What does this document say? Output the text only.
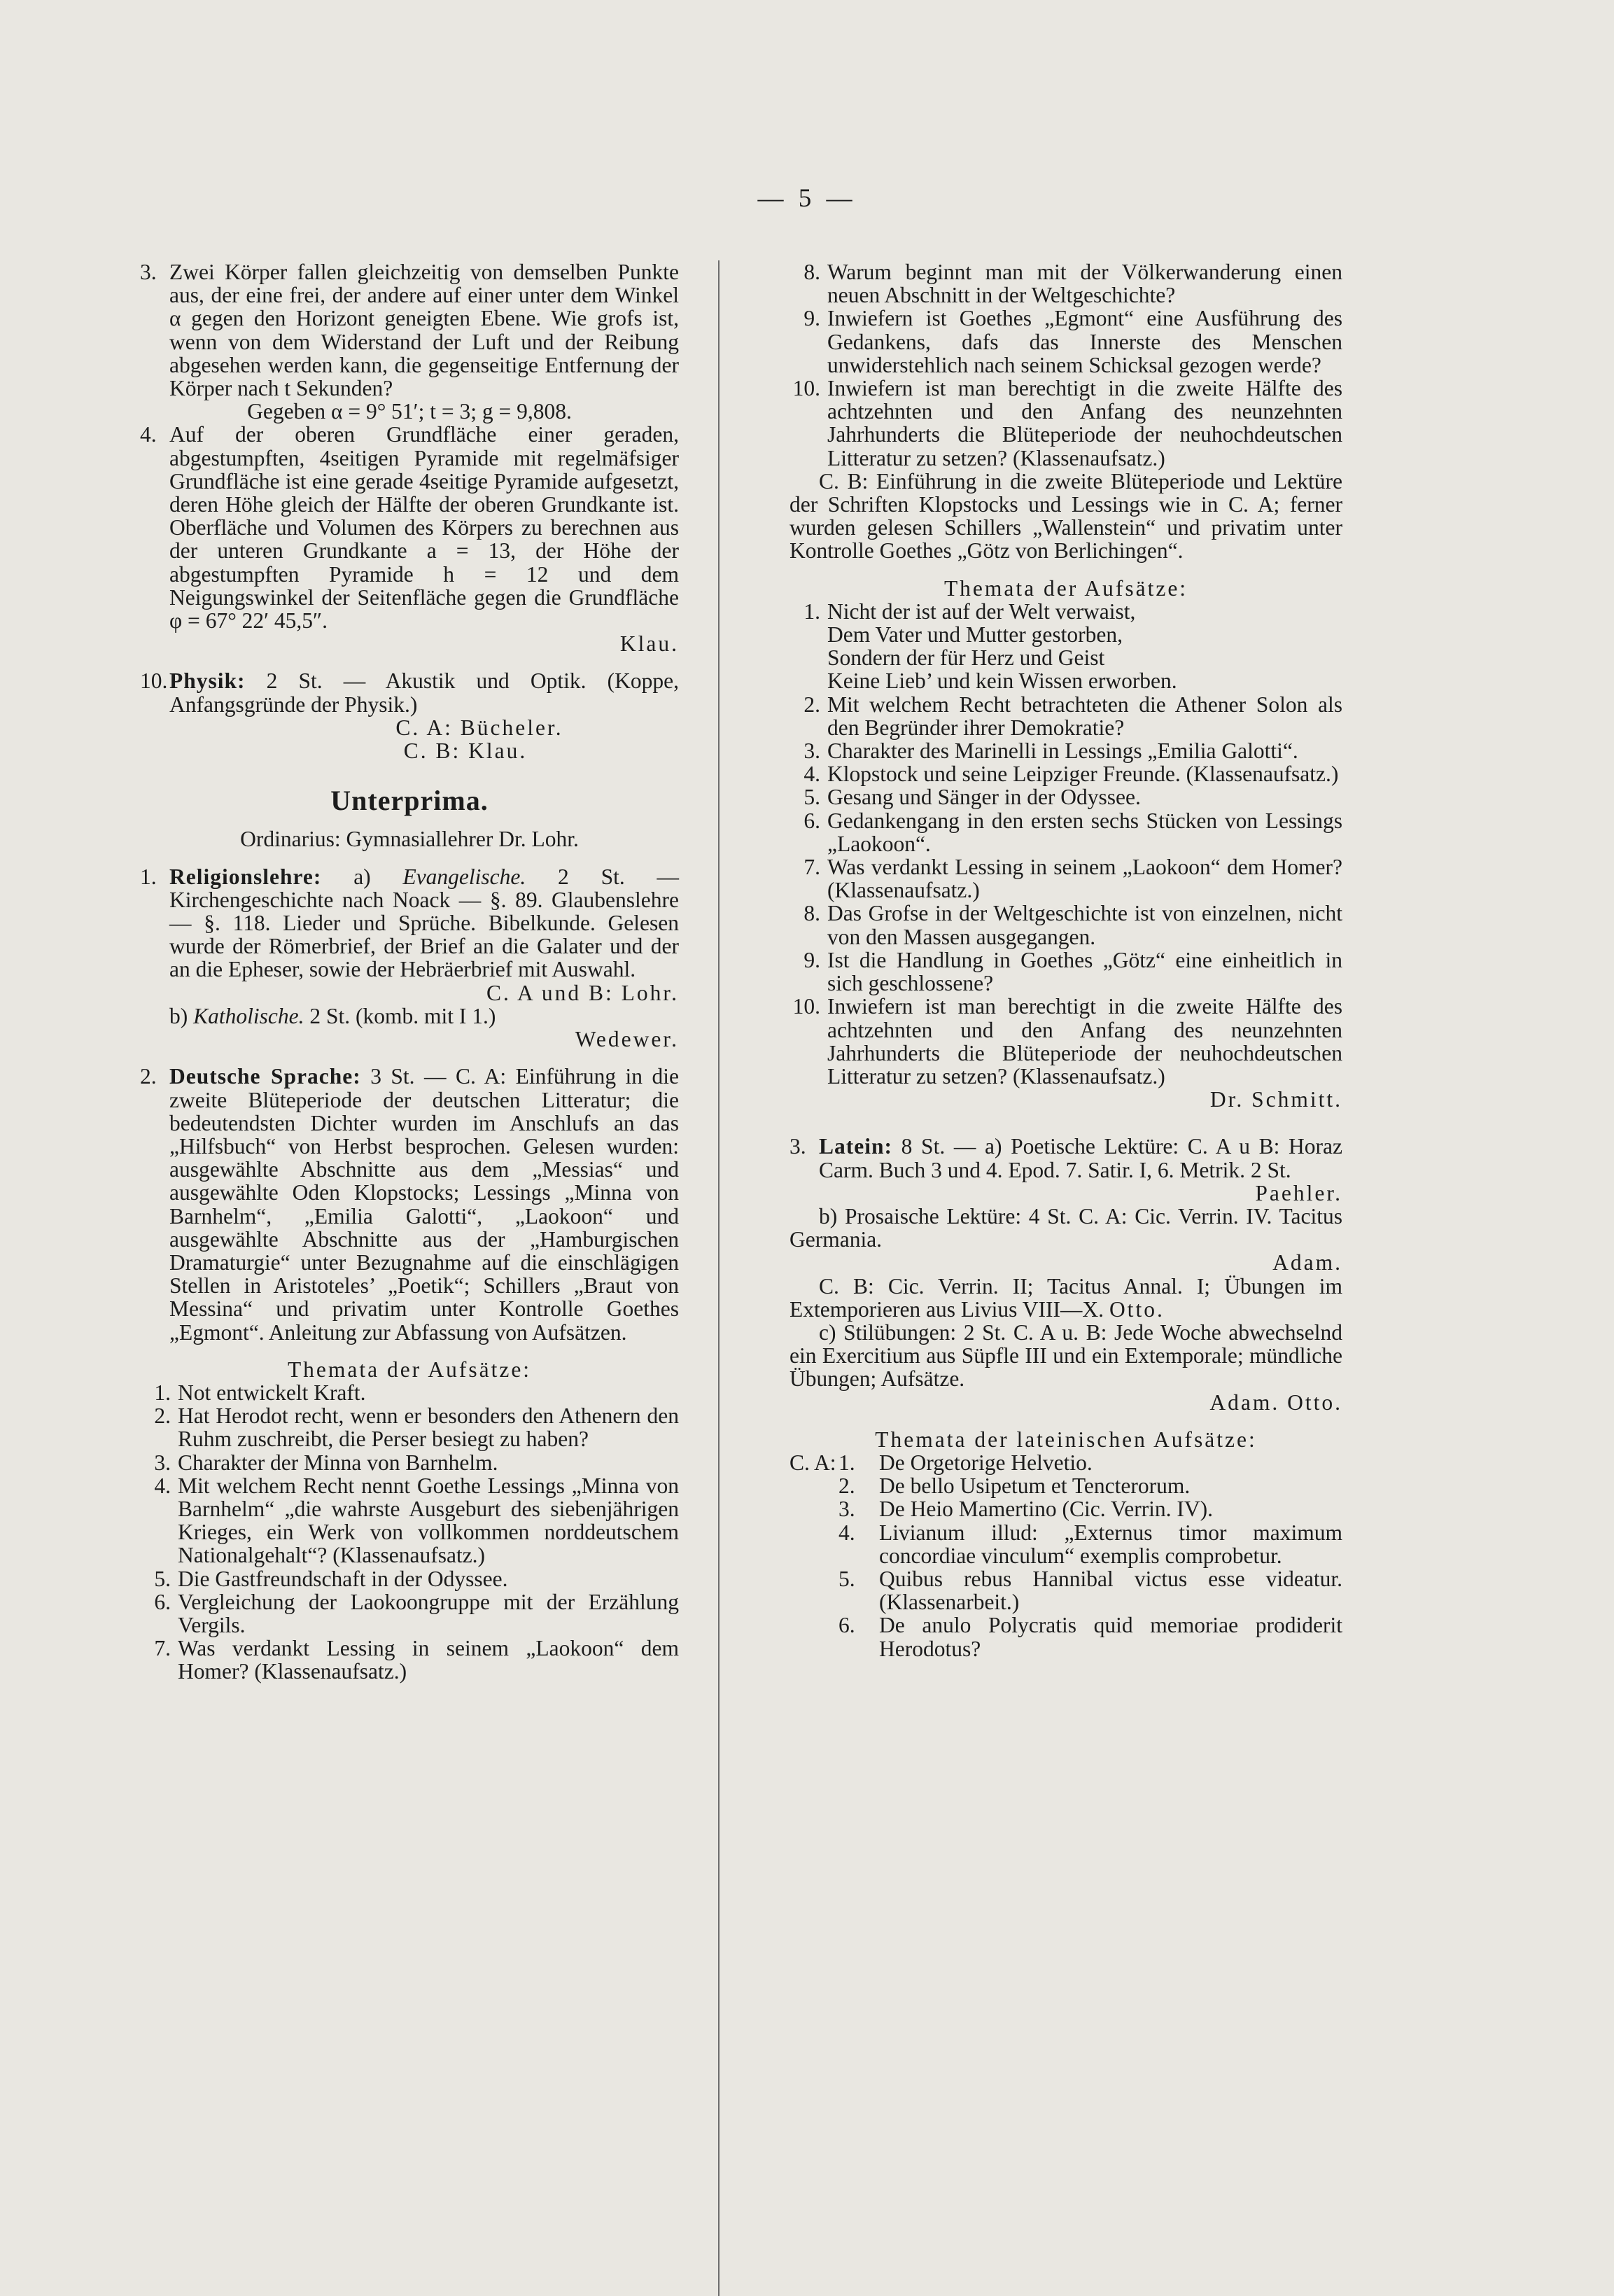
— 5 —
3. Zwei Körper fallen gleichzeitig von demselben Punkte aus, der eine frei, der andere auf einer unter dem Winkel α gegen den Horizont geneigten Ebene. Wie grofs ist, wenn von dem Widerstand der Luft und der Reibung abgesehen werden kann, die gegenseitige Entfernung der Körper nach t Sekunden?
Gegeben α = 9° 51′; t = 3; g = 9,808.
4. Auf der oberen Grundfläche einer geraden, abgestumpften, 4seitigen Pyramide mit regelmäfsiger Grundfläche ist eine gerade 4seitige Pyramide aufgesetzt, deren Höhe gleich der Hälfte der oberen Grundkante ist. Oberfläche und Volumen des Körpers zu berechnen aus der unteren Grundkante a = 13, der Höhe der abgestumpften Pyramide h = 12 und dem Neigungswinkel der Seitenfläche gegen die Grundfläche φ = 67° 22′ 45,5″.
Klau.
10.Physik: 2 St. — Akustik und Optik. (Koppe, Anfangsgründe der Physik.)
C. A: Bücheler.
C. B: Klau.
Unterprima.
Ordinarius: Gymnasiallehrer Dr. Lohr.
1. Religionslehre: a) Evangelische. 2 St. — Kirchengeschichte nach Noack — §. 89. Glaubenslehre — §. 118. Lieder und Sprüche. Bibelkunde. Gelesen wurde der Römerbrief, der Brief an die Galater und der an die Epheser, sowie der Hebräerbrief mit Auswahl.
C. A und B: Lohr.
b) Katholische. 2 St. (komb. mit I 1.)
Wedewer.
2. Deutsche Sprache: 3 St. — C. A: Einführung in die zweite Blüteperiode der deutschen Litteratur; die bedeutendsten Dichter wurden im Anschlufs an das „Hilfsbuch“ von Herbst besprochen. Gelesen wurden: ausgewählte Abschnitte aus dem „Messias“ und ausgewählte Oden Klopstocks; Lessings „Minna von Barnhelm“, „Emilia Galotti“, „Laokoon“ und ausgewählte Abschnitte aus der „Hamburgischen Dramaturgie“ unter Bezugnahme auf die einschlägigen Stellen in Aristoteles’ „Poetik“; Schillers „Braut von Messina“ und privatim unter Kontrolle Goethes „Egmont“. Anleitung zur Abfassung von Aufsätzen.
Themata der Aufsätze:
1. Not entwickelt Kraft.
2. Hat Herodot recht, wenn er besonders den Athenern den Ruhm zuschreibt, die Perser besiegt zu haben?
3. Charakter der Minna von Barnhelm.
4. Mit welchem Recht nennt Goethe Lessings „Minna von Barnhelm“ „die wahrste Ausgeburt des siebenjährigen Krieges, ein Werk von vollkommen norddeutschem Nationalgehalt“? (Klassenaufsatz.)
5. Die Gastfreundschaft in der Odyssee.
6. Vergleichung der Laokoongruppe mit der Erzählung Vergils.
7. Was verdankt Lessing in seinem „Laokoon“ dem Homer? (Klassenaufsatz.)
8. Warum beginnt man mit der Völkerwanderung einen neuen Abschnitt in der Weltgeschichte?
9. Inwiefern ist Goethes „Egmont“ eine Ausführung des Gedankens, dafs das Innerste des Menschen unwiderstehlich nach seinem Schicksal gezogen werde?
10. Inwiefern ist man berechtigt in die zweite Hälfte des achtzehnten und den Anfang des neunzehnten Jahrhunderts die Blüteperiode der neuhochdeutschen Litteratur zu setzen? (Klassenaufsatz.)
C. B: Einführung in die zweite Blüteperiode und Lektüre der Schriften Klopstocks und Lessings wie in C. A; ferner wurden gelesen Schillers „Wallenstein“ und privatim unter Kontrolle Goethes „Götz von Berlichingen“.
Themata der Aufsätze:
1. Nicht der ist auf der Welt verwaist,
Dem Vater und Mutter gestorben,
Sondern der für Herz und Geist
Keine Lieb’ und kein Wissen erworben.
2. Mit welchem Recht betrachteten die Athener Solon als den Begründer ihrer Demokratie?
3. Charakter des Marinelli in Lessings „Emilia Galotti“.
4. Klopstock und seine Leipziger Freunde. (Klassenaufsatz.)
5. Gesang und Sänger in der Odyssee.
6. Gedankengang in den ersten sechs Stücken von Lessings „Laokoon“.
7. Was verdankt Lessing in seinem „Laokoon“ dem Homer? (Klassenaufsatz.)
8. Das Grofse in der Weltgeschichte ist von einzelnen, nicht von den Massen ausgegangen.
9. Ist die Handlung in Goethes „Götz“ eine einheitlich in sich geschlossene?
10. Inwiefern ist man berechtigt in die zweite Hälfte des achtzehnten und den Anfang des neunzehnten Jahrhunderts die Blüteperiode der neuhochdeutschen Litteratur zu setzen? (Klassenaufsatz.)
Dr. Schmitt.
3. Latein: 8 St. — a) Poetische Lektüre: C. A u B: Horaz Carm. Buch 3 und 4. Epod. 7. Satir. I, 6. Metrik. 2 St.
Paehler.
b) Prosaische Lektüre: 4 St. C. A: Cic. Verrin. IV. Tacitus Germania.
Adam.
C. B: Cic. Verrin. II; Tacitus Annal. I; Übungen im Extemporieren aus Livius VIII—X. Otto.
c) Stilübungen: 2 St. C. A u. B: Jede Woche abwechselnd ein Exercitium aus Süpfle III und ein Extemporale; mündliche Übungen; Aufsätze.
Adam. Otto.
Themata der lateinischen Aufsätze:
C. A: 1. De Orgetorige Helvetio.
2. De bello Usipetum et Tencterorum.
3. De Heio Mamertino (Cic. Verrin. IV).
4. Livianum illud: „Externus timor maximum concordiae vinculum“ exemplis comprobetur.
5. Quibus rebus Hannibal victus esse videatur. (Klassenarbeit.)
6. De anulo Polycratis quid memoriae prodiderit Herodotus?
